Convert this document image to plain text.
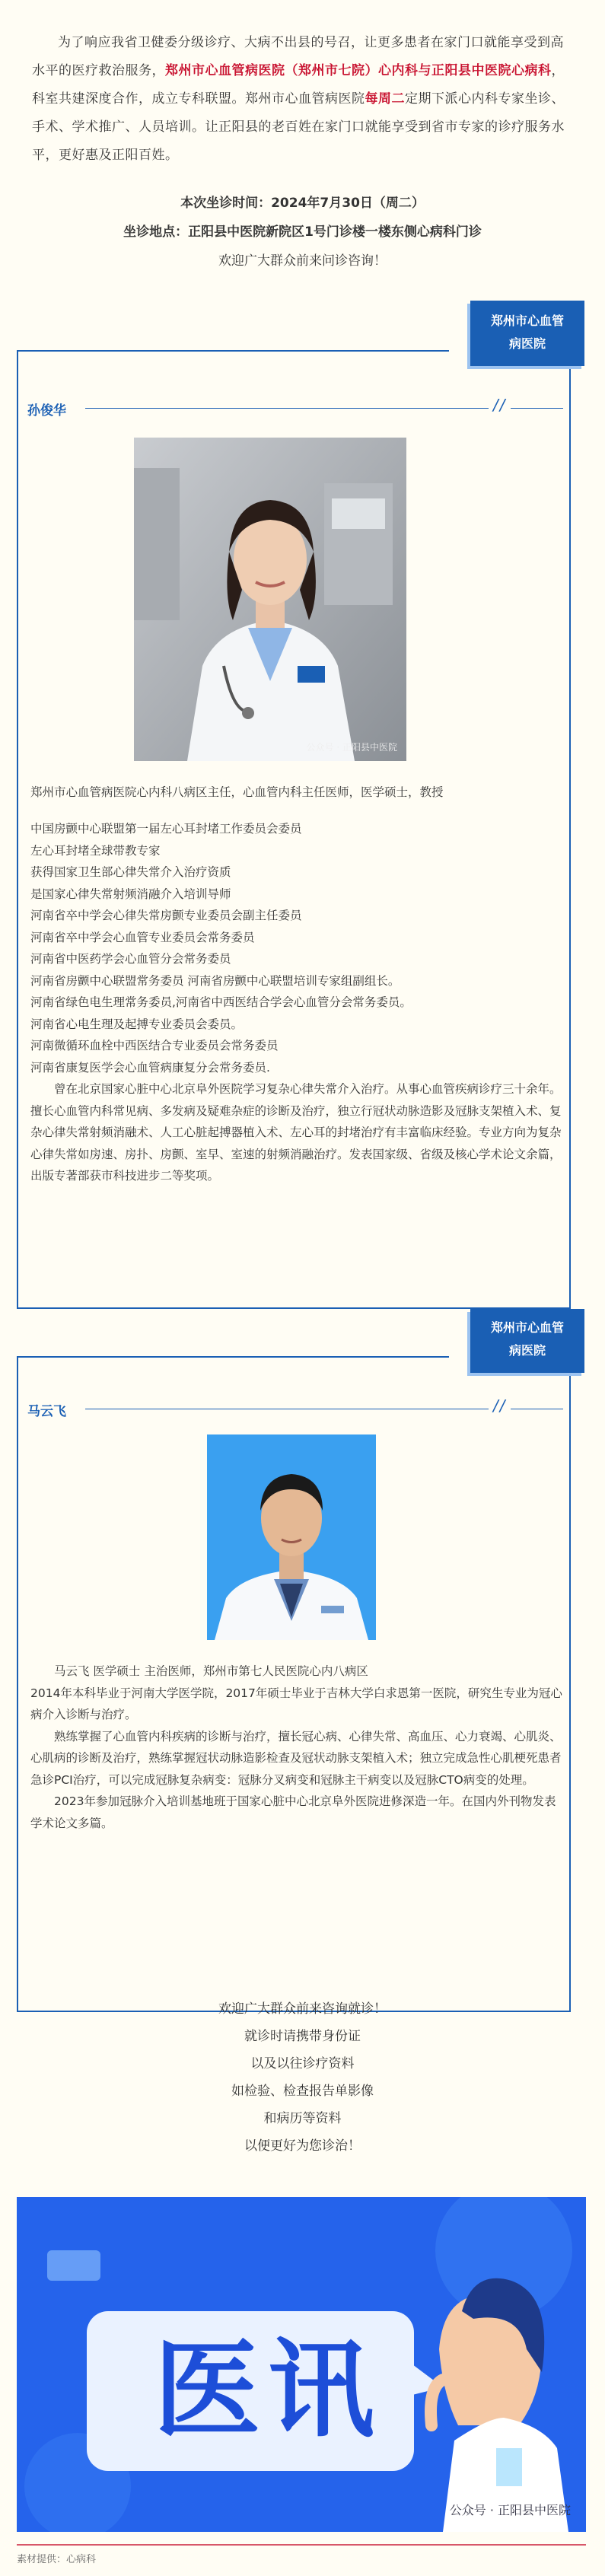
为了响应我省卫健委分级诊疗、大病不出县的号召，让更多患者在家门口就能享受到高水平的医疗救治服务，郑州市心血管病医院（郑州市七院）心内科与正阳县中医院心病科，科室共建深度合作，成立专科联盟。郑州市心血管病医院每周二定期下派心内科专家坐诊、手术、学术推广、人员培训。让正阳县的老百姓在家门口就能享受到省市专家的诊疗服务水平，更好惠及正阳百姓。
本次坐诊时间：2024年7月30日（周二）
坐诊地点：正阳县中医院新院区1号门诊楼一楼东侧心病科门诊
欢迎广大群众前来问诊咨询！
郑州市心血管病医院
孙俊华	//
公众号 · 正阳县中医院

郑州市心血管病医院心内科八病区主任，心血管内科主任医师，医学硕士，教授

中国房颤中心联盟第一届左心耳封堵工作委员会委员

左心耳封堵全球带教专家

获得国家卫生部心律失常介入治疗资质

是国家心律失常射频消融介入培训导师

河南省卒中学会心律失常房颤专业委员会副主任委员

河南省卒中学会心血管专业委员会常务委员

河南省中医药学会心血管分会常务委员

河南省房颤中心联盟常务委员 河南省房颤中心联盟培训专家组副组长。

河南省绿色电生理常务委员,河南省中西医结合学会心血管分会常务委员。

河南省心电生理及起搏专业委员会委员。

河南微循环血栓中西医结合专业委员会常务委员

河南省康复医学会心血管病康复分会常务委员.

曾在北京国家心脏中心北京阜外医院学习复杂心律失常介入治疗。从事心血管疾病诊疗三十余年。擅长心血管内科常见病、多发病及疑难杂症的诊断及治疗，独立行冠状动脉造影及冠脉支架植入术、复杂心律失常射频消融术、人工心脏起搏器植入术、左心耳的封堵治疗有丰富临床经验。专业方向为复杂心律失常如房速、房扑、房颤、室早、室速的射频消融治疗。发表国家级、省级及核心学术论文余篇，出版专著部获市科技进步二等奖项。

郑州市心血管病医院
马云飞	//

马云飞 医学硕士 主治医师，郑州市第七人民医院心内八病区

2014年本科毕业于河南大学医学院，2017年硕士毕业于吉林大学白求恩第一医院，研究生专业为冠心病介入诊断与治疗。

熟练掌握了心血管内科疾病的诊断与治疗，擅长冠心病、心律失常、高血压、心力衰竭、心肌炎、心肌病的诊断及治疗，熟练掌握冠状动脉造影检查及冠状动脉支架植入术；独立完成急性心肌梗死患者急诊PCI治疗，可以完成冠脉复杂病变：冠脉分叉病变和冠脉主干病变以及冠脉CTO病变的处理。

2023年参加冠脉介入培训基地班于国家心脏中心北京阜外医院进修深造一年。在国内外刊物发表学术论文多篇。

欢迎广大群众前来咨询就诊！
就诊时请携带身份证
以及以往诊疗资料
如检验、检查报告单影像
和病历等资料
以便更好为您诊治！
医讯
公众号 · 正阳县中医院
素材提供：心病科
